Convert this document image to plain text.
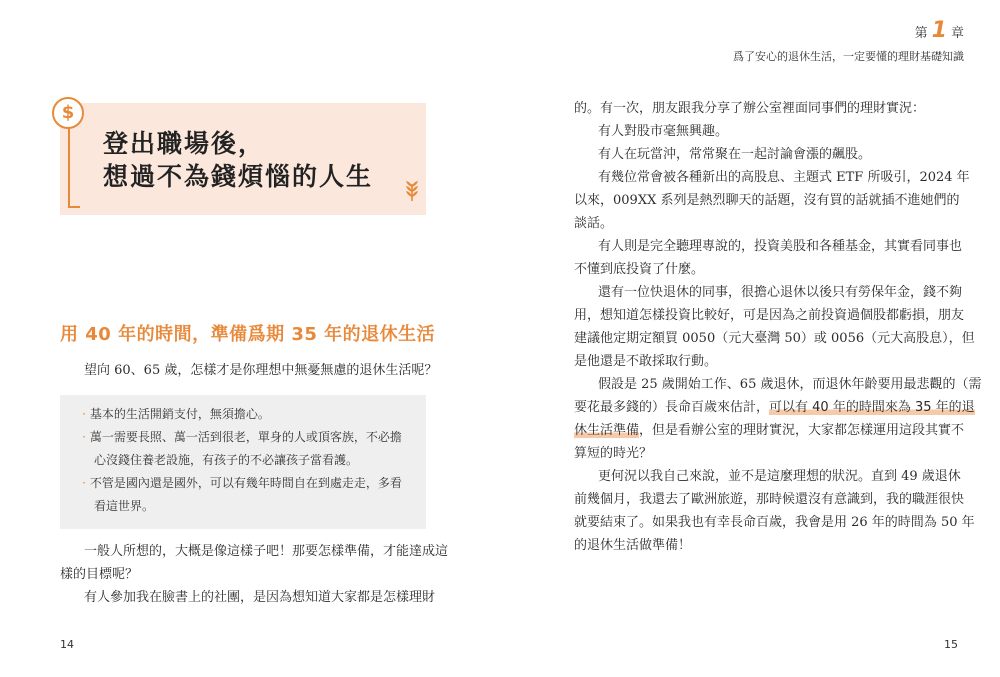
$
登出職場後，
想過不為錢煩惱的人生
用 40 年的時間，準備爲期 35 年的退休生活
望向 60、65 歲，怎樣才是你理想中無憂無慮的退休生活呢？
· 基本的生活開銷支付，無須擔心。
· 萬一需要長照、萬一活到很老，單身的人或頂客族，不必擔
心沒錢住養老設施，有孩子的不必讓孩子當看護。
· 不管是國內還是國外，可以有幾年時間自在到處走走，多看
看這世界。
一般人所想的，大概是像這樣子吧！那要怎樣準備，才能達成這
樣的目標呢？
有人參加我在臉書上的社團，是因為想知道大家都是怎樣理財
14
第 1 章
爲了安心的退休生活，一定要懂的理財基礎知識
的。有一次，朋友跟我分享了辦公室裡面同事們的理財實況：
有人對股市毫無興趣。
有人在玩當沖，常常聚在一起討論會漲的飆股。
有幾位常會被各種新出的高股息、主題式 ETF 所吸引，2024 年
以來，009XX 系列是熱烈聊天的話題，沒有買的話就插不進她們的
談話。
有人則是完全聽理專說的，投資美股和各種基金，其實看同事也
不懂到底投資了什麼。
還有一位快退休的同事，很擔心退休以後只有勞保年金，錢不夠
用，想知道怎樣投資比較好，可是因為之前投資過個股都虧損，朋友
建議他定期定額買 0050（元大臺灣 50）或 0056（元大高股息），但
是他還是不敢採取行動。
假設是 25 歲開始工作、65 歲退休，而退休年齡要用最悲觀的（需
要花最多錢的）長命百歲來估計，可以有 40 年的時間來為 35 年的退
休生活準備，但是看辦公室的理財實況，大家都怎樣運用這段其實不
算短的時光？
更何況以我自己來說，並不是這麼理想的狀況。直到 49 歲退休
前幾個月，我還去了歐洲旅遊，那時候還沒有意識到，我的職涯很快
就要結束了。如果我也有幸長命百歲，我會是用 26 年的時間為 50 年
的退休生活做準備！
15
